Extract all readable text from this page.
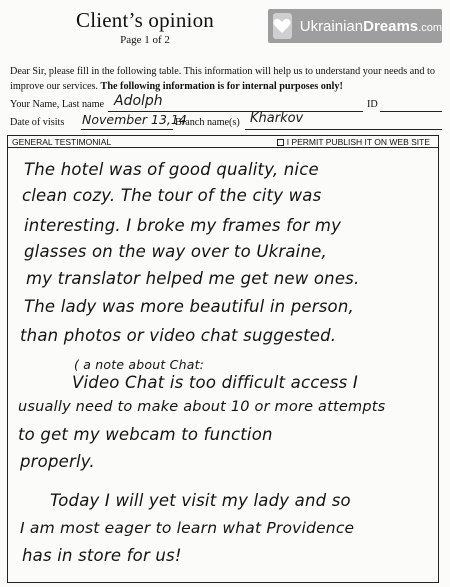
Client’s opinion
Page 1 of 2
UkrainianDreams.com
Dear Sir, please fill in the following table. This information will help us to understand your needs and to improve our services. The following information is for internal purposes only!
Your Name, Last name Adolph	ID
Date of visits November 13,14
Branch name(s) Kharkov
GENERAL TESTIMONIAL	I PERMIT PUBLISH IT ON WEB SITE
The hotel was of good quality, nice
clean cozy. The tour of the city was
interesting. I broke my frames for my
glasses on the way over to Ukraine,
my translator helped me get new ones.
The lady was more beautiful in person,
than photos or video chat suggested.
( a note about Chat:
Video Chat is too difficult access I
usually need to make about 10 or more attempts
to get my webcam to function
properly.
Today I will yet visit my lady and so
I am most eager to learn what Providence
has in store for us!
